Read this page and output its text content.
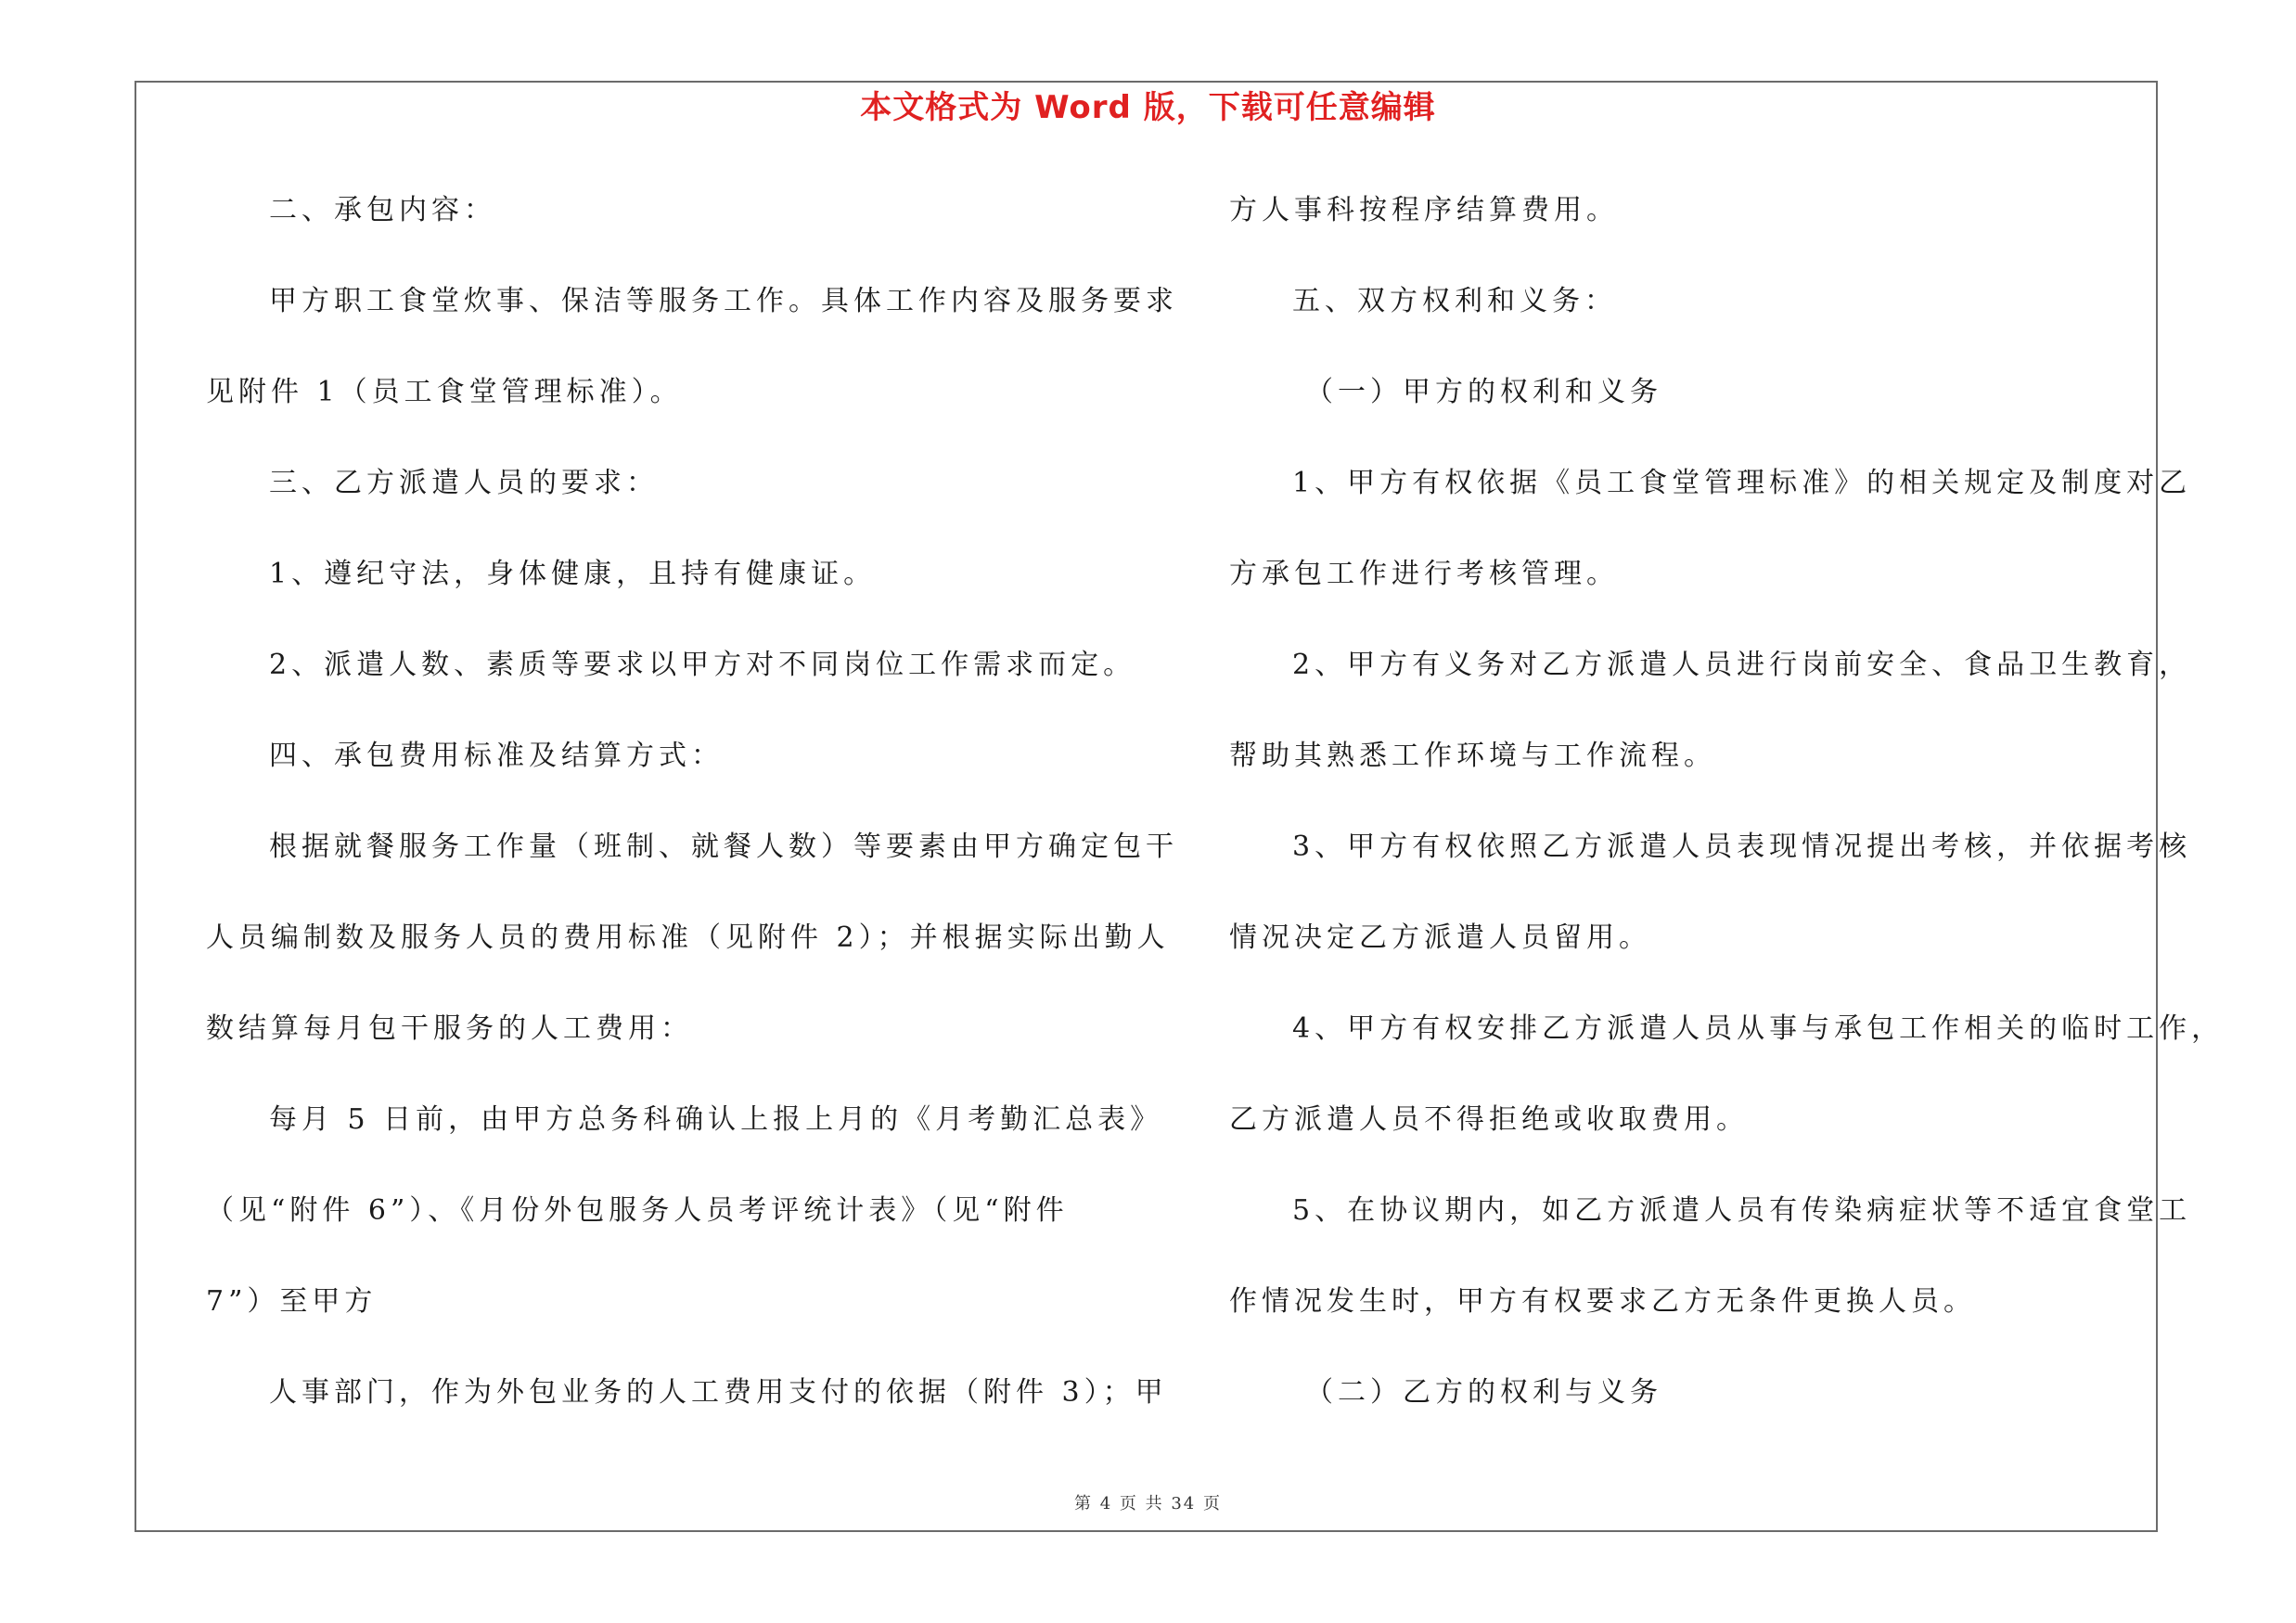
本文格式为 Word 版，下载可任意编辑
二、承包内容：
甲方职工食堂炊事、保洁等服务工作。具体工作内容及服务要求
见附件 1（员工食堂管理标准）。
三、乙方派遣人员的要求：
1、遵纪守法，身体健康，且持有健康证。
2、派遣人数、素质等要求以甲方对不同岗位工作需求而定。
四、承包费用标准及结算方式：
根据就餐服务工作量（班制、就餐人数）等要素由甲方确定包干
人员编制数及服务人员的费用标准（见附件 2）；并根据实际出勤人
数结算每月包干服务的人工费用：
每月 5 日前，由甲方总务科确认上报上月的《月考勤汇总表》
（见“附件 6”）、《月份外包服务人员考评统计表》（见“附件
7”）至甲方
人事部门，作为外包业务的人工费用支付的依据（附件 3）；甲
方人事科按程序结算费用。
五、双方权利和义务：
（一）甲方的权利和义务
1、甲方有权依据《员工食堂管理标准》的相关规定及制度对乙
方承包工作进行考核管理。
2、甲方有义务对乙方派遣人员进行岗前安全、食品卫生教育，
帮助其熟悉工作环境与工作流程。
3、甲方有权依照乙方派遣人员表现情况提出考核，并依据考核
情况决定乙方派遣人员留用。
4、甲方有权安排乙方派遣人员从事与承包工作相关的临时工作，
乙方派遣人员不得拒绝或收取费用。
5、在协议期内，如乙方派遣人员有传染病症状等不适宜食堂工
作情况发生时，甲方有权要求乙方无条件更换人员。
（二）乙方的权利与义务
第 4 页 共 34 页
